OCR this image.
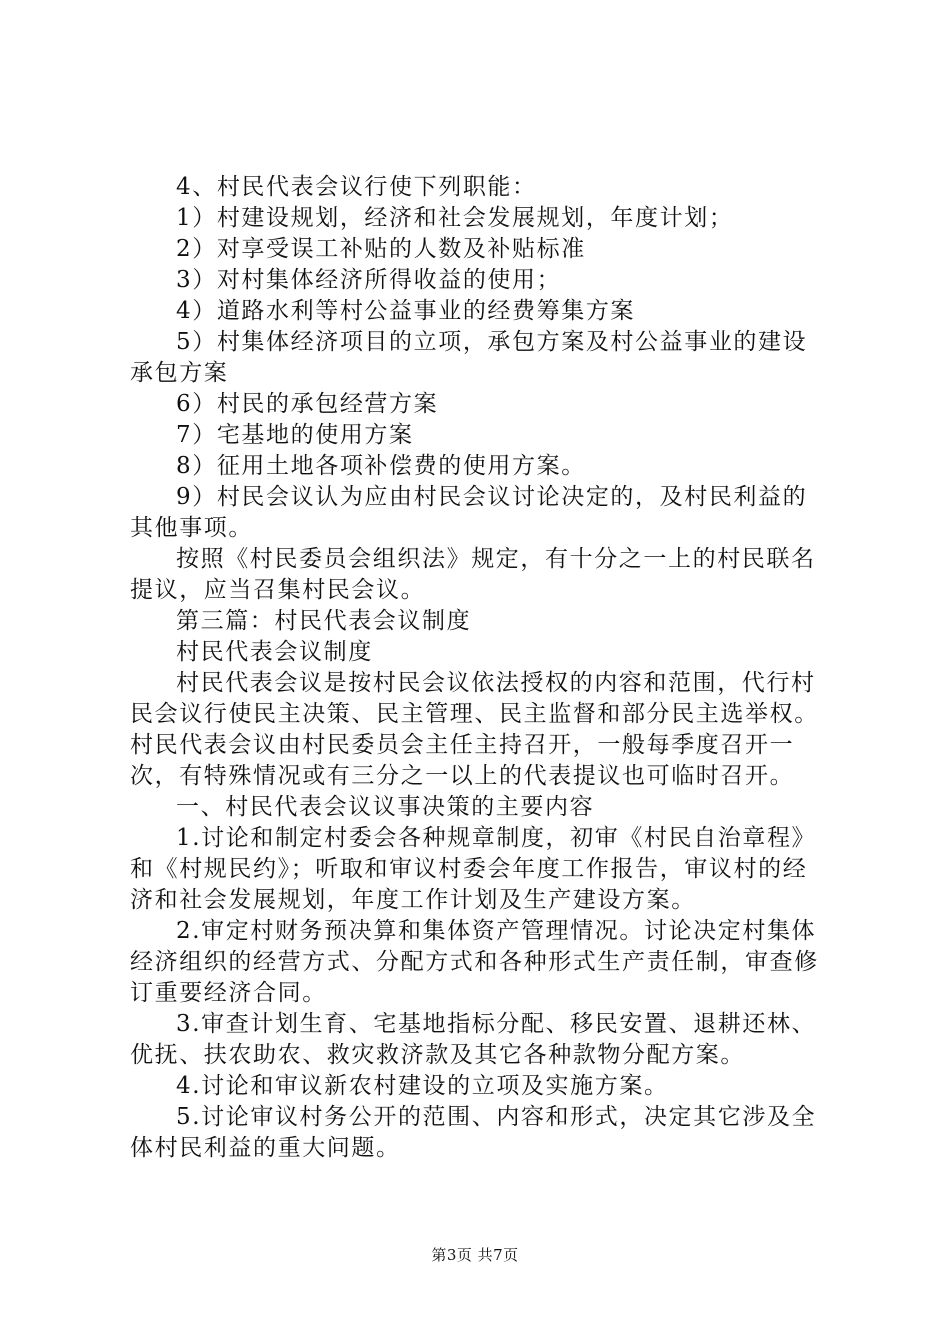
4、村民代表会议行使下列职能：

1）村建设规划，经济和社会发展规划，年度计划；

2）对享受误工补贴的人数及补贴标准

3）对村集体经济所得收益的使用；

4）道路水利等村公益事业的经费筹集方案

5）村集体经济项目的立项，承包方案及村公益事业的建设承包方案

6）村民的承包经营方案

7）宅基地的使用方案

8）征用土地各项补偿费的使用方案。

9）村民会议认为应由村民会议讨论决定的，及村民利益的其他事项。

按照《村民委员会组织法》规定，有十分之一上的村民联名提议，应当召集村民会议。

第三篇：村民代表会议制度

村民代表会议制度

村民代表会议是按村民会议依法授权的内容和范围，代行村民会议行使民主决策、民主管理、民主监督和部分民主选举权。村民代表会议由村民委员会主任主持召开，一般每季度召开一次，有特殊情况或有三分之一以上的代表提议也可临时召开。

一、村民代表会议议事决策的主要内容

1.讨论和制定村委会各种规章制度，初审《村民自治章程》和《村规民约》；听取和审议村委会年度工作报告，审议村的经济和社会发展规划，年度工作计划及生产建设方案。

2.审定村财务预决算和集体资产管理情况。讨论决定村集体经济组织的经营方式、分配方式和各种形式生产责任制，审查修订重要经济合同。

3.审查计划生育、宅基地指标分配、移民安置、退耕还林、优抚、扶农助农、救灾救济款及其它各种款物分配方案。

4.讨论和审议新农村建设的立项及实施方案。

5.讨论审议村务公开的范围、内容和形式，决定其它涉及全体村民利益的重大问题。

第3页 共7页
